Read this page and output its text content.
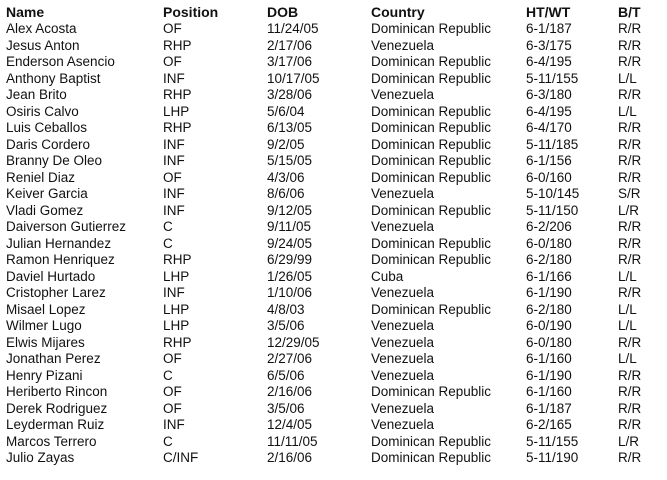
Name	Position	DOB	Country	HT/WT	B/T
Alex Acosta	OF	11/24/05	Dominican Republic	6-1/187	R/R
Jesus Anton	RHP	2/17/06	Venezuela	6-3/175	R/R
Enderson Asencio	OF	3/17/06	Dominican Republic	6-4/195	R/R
Anthony Baptist	INF	10/17/05	Dominican Republic	5-11/155	L/L
Jean Brito	RHP	3/28/06	Venezuela	6-3/180	R/R
Osiris Calvo	LHP	5/6/04	Dominican Republic	6-4/195	L/L
Luis Ceballos	RHP	6/13/05	Dominican Republic	6-4/170	R/R
Daris Cordero	INF	9/2/05	Dominican Republic	5-11/185	R/R
Branny De Oleo	INF	5/15/05	Dominican Republic	6-1/156	R/R
Reniel Diaz	OF	4/3/06	Dominican Republic	6-0/160	R/R
Keiver Garcia	INF	8/6/06	Venezuela	5-10/145	S/R
Vladi Gomez	INF	9/12/05	Dominican Republic	5-11/150	L/R
Daiverson Gutierrez	C	9/11/05	Venezuela	6-2/206	R/R
Julian Hernandez	C	9/24/05	Dominican Republic	6-0/180	R/R
Ramon Henriquez	RHP	6/29/99	Dominican Republic	6-2/180	R/R
Daviel Hurtado	LHP	1/26/05	Cuba	6-1/166	L/L
Cristopher Larez	INF	1/10/06	Venezuela	6-1/190	R/R
Misael Lopez	LHP	4/8/03	Dominican Republic	6-2/180	L/L
Wilmer Lugo	LHP	3/5/06	Venezuela	6-0/190	L/L
Elwis Mijares	RHP	12/29/05	Venezuela	6-0/180	R/R
Jonathan Perez	OF	2/27/06	Venezuela	6-1/160	L/L
Henry Pizani	C	6/5/06	Venezuela	6-1/190	R/R
Heriberto Rincon	OF	2/16/06	Dominican Republic	6-1/160	R/R
Derek Rodriguez	OF	3/5/06	Venezuela	6-1/187	R/R
Leyderman Ruiz	INF	12/4/05	Venezuela	6-2/165	R/R
Marcos Terrero	C	11/11/05	Dominican Republic	5-11/155	L/R
Julio Zayas	C/INF	2/16/06	Dominican Republic	5-11/190	R/R
